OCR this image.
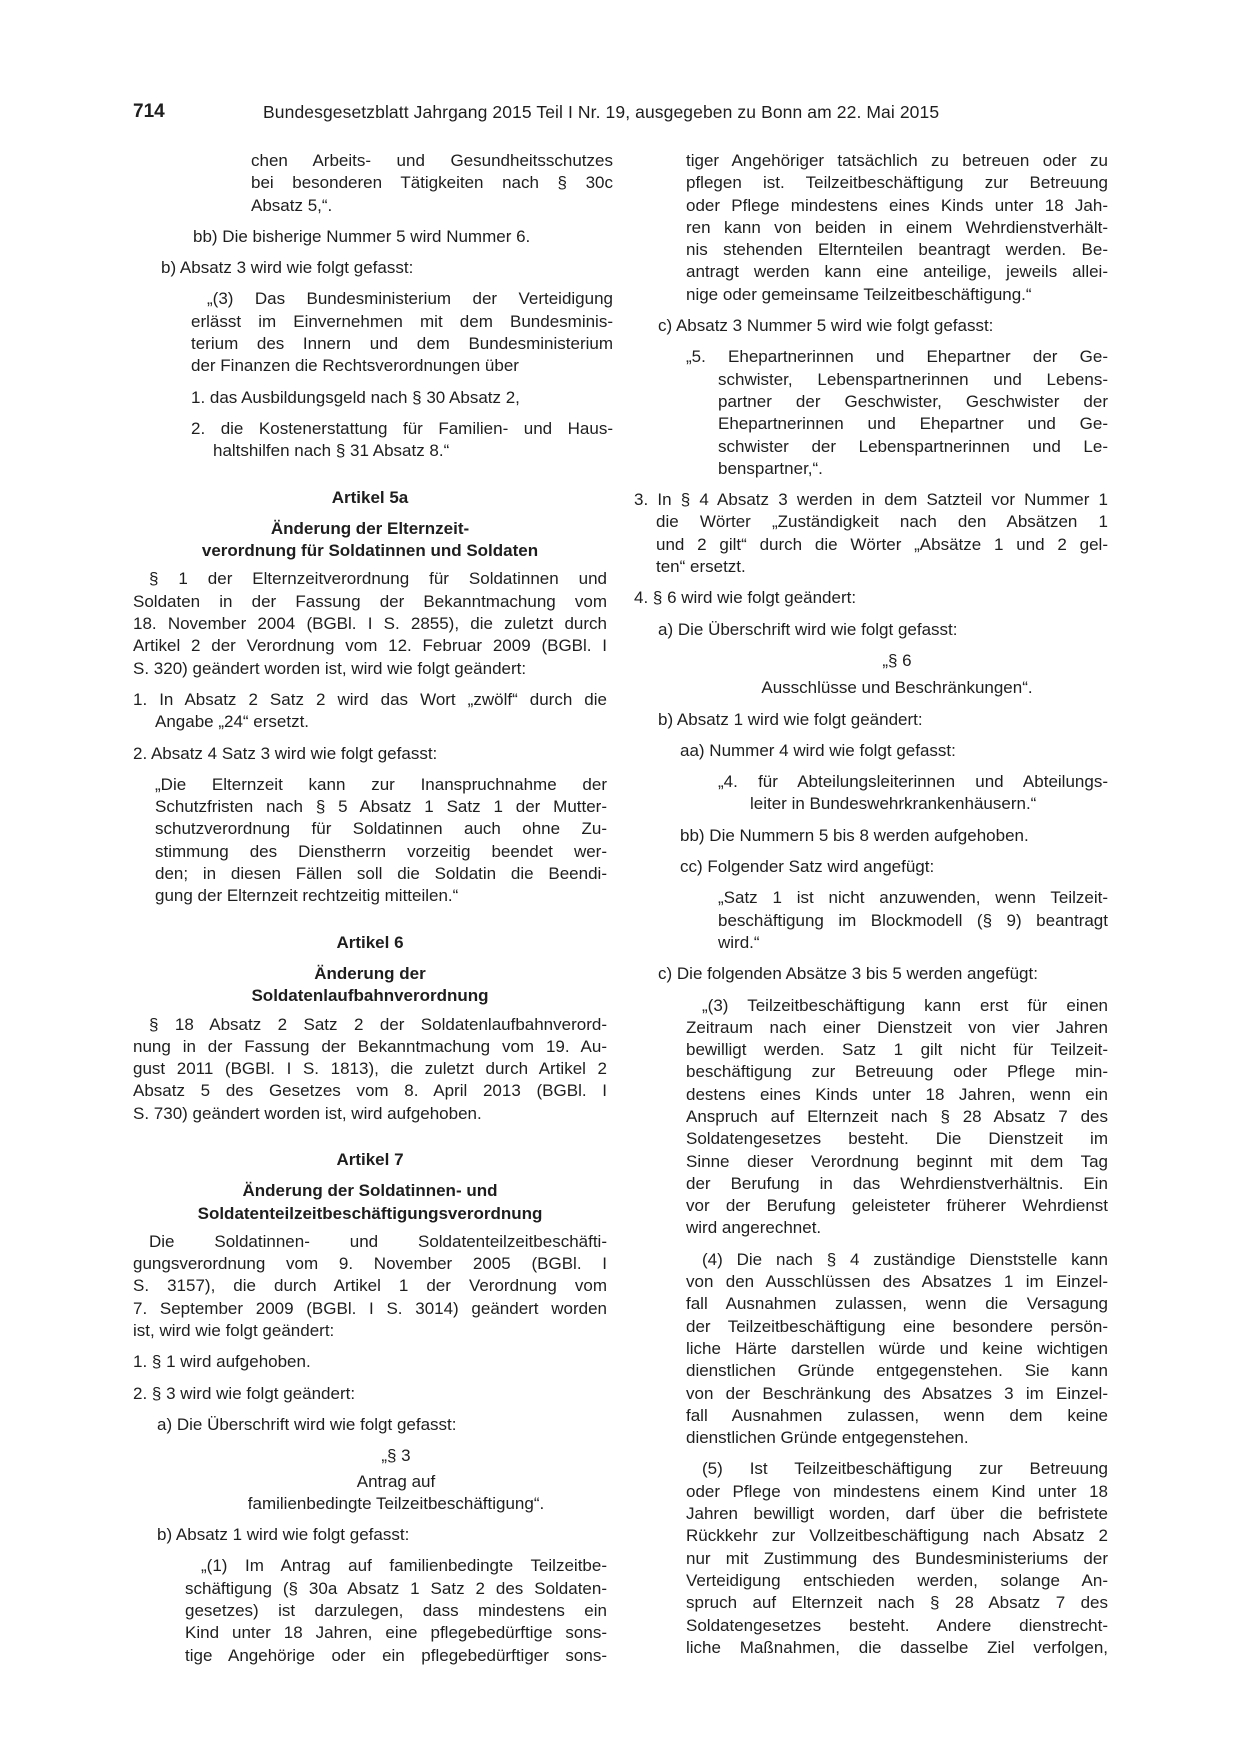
714	Bundesgesetzblatt Jahrgang 2015 Teil I Nr. 19, ausgegeben zu Bonn am 22. Mai 2015
chen Arbeits- und Gesundheitsschutzes
bei besonderen Tätigkeiten nach § 30c
Absatz 5,“.
bb) Die bisherige Nummer 5 wird Nummer 6.
b) Absatz 3 wird wie folgt gefasst:
„(3) Das Bundesministerium der Verteidigung
erlässt im Einvernehmen mit dem Bundesminis-
terium des Innern und dem Bundesministerium
der Finanzen die Rechtsverordnungen über
1. das Ausbildungsgeld nach § 30 Absatz 2,
2. die Kostenerstattung für Familien- und Haus-
haltshilfen nach § 31 Absatz 8.“
Artikel 5a
Änderung der Elternzeit-
verordnung für Soldatinnen und Soldaten
§ 1 der Elternzeitverordnung für Soldatinnen und
Soldaten in der Fassung der Bekanntmachung vom
18. November 2004 (BGBl. I S. 2855), die zuletzt durch
Artikel 2 der Verordnung vom 12. Februar 2009 (BGBl. I
S. 320) geändert worden ist, wird wie folgt geändert:
1. In Absatz 2 Satz 2 wird das Wort „zwölf“ durch die
Angabe „24“ ersetzt.
2. Absatz 4 Satz 3 wird wie folgt gefasst:
„Die Elternzeit kann zur Inanspruchnahme der
Schutzfristen nach § 5 Absatz 1 Satz 1 der Mutter-
schutzverordnung für Soldatinnen auch ohne Zu-
stimmung des Dienstherrn vorzeitig beendet wer-
den; in diesen Fällen soll die Soldatin die Beendi-
gung der Elternzeit rechtzeitig mitteilen.“
Artikel 6
Änderung der
Soldatenlaufbahnverordnung
§ 18 Absatz 2 Satz 2 der Soldatenlaufbahnverord-
nung in der Fassung der Bekanntmachung vom 19. Au-
gust 2011 (BGBl. I S. 1813), die zuletzt durch Artikel 2
Absatz 5 des Gesetzes vom 8. April 2013 (BGBl. I
S. 730) geändert worden ist, wird aufgehoben.
Artikel 7
Änderung der Soldatinnen- und
Soldatenteilzeitbeschäftigungsverordnung
Die Soldatinnen- und Soldatenteilzeitbeschäfti-
gungsverordnung vom 9. November 2005 (BGBl. I
S. 3157), die durch Artikel 1 der Verordnung vom
7. September 2009 (BGBl. I S. 3014) geändert worden
ist, wird wie folgt geändert:
1. § 1 wird aufgehoben.
2. § 3 wird wie folgt geändert:
a) Die Überschrift wird wie folgt gefasst:
„§ 3
Antrag auf
familienbedingte Teilzeitbeschäftigung“.
b) Absatz 1 wird wie folgt gefasst:
„(1) Im Antrag auf familienbedingte Teilzeitbe-
schäftigung (§ 30a Absatz 1 Satz 2 des Soldaten-
gesetzes) ist darzulegen, dass mindestens ein
Kind unter 18 Jahren, eine pflegebedürftige sons-
tige Angehörige oder ein pflegebedürftiger sons-
tiger Angehöriger tatsächlich zu betreuen oder zu
pflegen ist. Teilzeitbeschäftigung zur Betreuung
oder Pflege mindestens eines Kinds unter 18 Jah-
ren kann von beiden in einem Wehrdienstverhält-
nis stehenden Elternteilen beantragt werden. Be-
antragt werden kann eine anteilige, jeweils allei-
nige oder gemeinsame Teilzeitbeschäftigung.“
c) Absatz 3 Nummer 5 wird wie folgt gefasst:
„5. Ehepartnerinnen und Ehepartner der Ge-
schwister, Lebenspartnerinnen und Lebens-
partner der Geschwister, Geschwister der
Ehepartnerinnen und Ehepartner und Ge-
schwister der Lebenspartnerinnen und Le-
benspartner,“.
3. In § 4 Absatz 3 werden in dem Satzteil vor Nummer 1
die Wörter „Zuständigkeit nach den Absätzen 1
und 2 gilt“ durch die Wörter „Absätze 1 und 2 gel-
ten“ ersetzt.
4. § 6 wird wie folgt geändert:
a) Die Überschrift wird wie folgt gefasst:
„§ 6
Ausschlüsse und Beschränkungen“.
b) Absatz 1 wird wie folgt geändert:
aa) Nummer 4 wird wie folgt gefasst:
„4. für Abteilungsleiterinnen und Abteilungs-
leiter in Bundeswehrkrankenhäusern.“
bb) Die Nummern 5 bis 8 werden aufgehoben.
cc) Folgender Satz wird angefügt:
„Satz 1 ist nicht anzuwenden, wenn Teilzeit-
beschäftigung im Blockmodell (§ 9) beantragt
wird.“
c) Die folgenden Absätze 3 bis 5 werden angefügt:
„(3) Teilzeitbeschäftigung kann erst für einen
Zeitraum nach einer Dienstzeit von vier Jahren
bewilligt werden. Satz 1 gilt nicht für Teilzeit-
beschäftigung zur Betreuung oder Pflege min-
destens eines Kinds unter 18 Jahren, wenn ein
Anspruch auf Elternzeit nach § 28 Absatz 7 des
Soldatengesetzes besteht. Die Dienstzeit im
Sinne dieser Verordnung beginnt mit dem Tag
der Berufung in das Wehrdienstverhältnis. Ein
vor der Berufung geleisteter früherer Wehrdienst
wird angerechnet.
(4) Die nach § 4 zuständige Dienststelle kann
von den Ausschlüssen des Absatzes 1 im Einzel-
fall Ausnahmen zulassen, wenn die Versagung
der Teilzeitbeschäftigung eine besondere persön-
liche Härte darstellen würde und keine wichtigen
dienstlichen Gründe entgegenstehen. Sie kann
von der Beschränkung des Absatzes 3 im Einzel-
fall Ausnahmen zulassen, wenn dem keine
dienstlichen Gründe entgegenstehen.
(5) Ist Teilzeitbeschäftigung zur Betreuung
oder Pflege von mindestens einem Kind unter 18
Jahren bewilligt worden, darf über die befristete
Rückkehr zur Vollzeitbeschäftigung nach Absatz 2
nur mit Zustimmung des Bundesministeriums der
Verteidigung entschieden werden, solange An-
spruch auf Elternzeit nach § 28 Absatz 7 des
Soldatengesetzes besteht. Andere dienstrecht-
liche Maßnahmen, die dasselbe Ziel verfolgen,
